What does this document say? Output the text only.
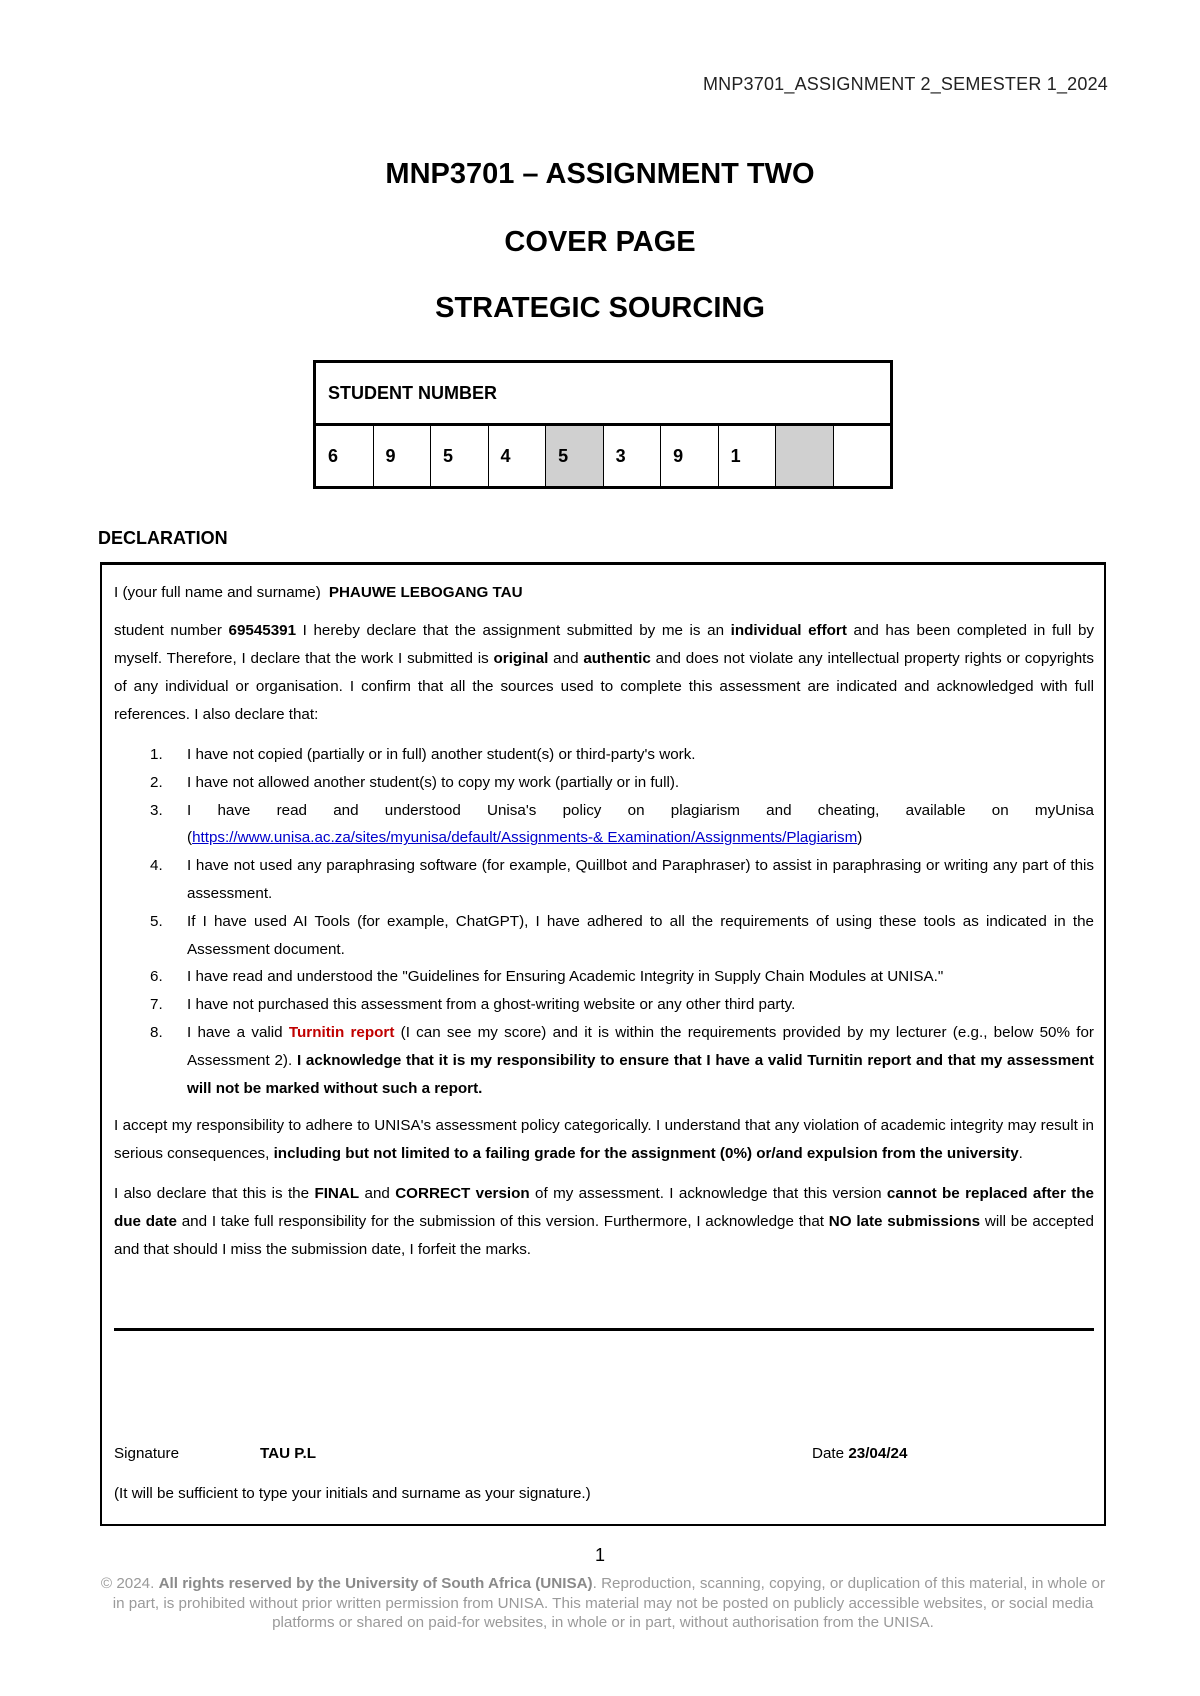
MNP3701_ASSIGNMENT 2_SEMESTER 1_2024
MNP3701 – ASSIGNMENT TWO
COVER PAGE
STRATEGIC SOURCING
STUDENT NUMBER
6	9	5	4	5	3	9	1		
DECLARATION

I (your full name and surname) PHAUWE LEBOGANG TAU

student number 69545391 I hereby declare that the assignment submitted by me is an individual effort and has been completed in full by myself. Therefore, I declare that the work I submitted is original and authentic and does not violate any intellectual property rights or copyrights of any individual or organisation. I confirm that all the sources used to complete this assessment are indicated and acknowledged with full references. I also declare that:

1.	I have not copied (partially or in full) another student(s) or third-party's work.
2.	I have not allowed another student(s) to copy my work (partially or in full).
3.	I have read and understood Unisa's policy on plagiarism and cheating, available on myUnisa (https://www.unisa.ac.za/sites/myunisa/default/Assignments-& Examination/Assignments/Plagiarism)
4.	I have not used any paraphrasing software (for example, Quillbot and Paraphraser) to assist in paraphrasing or writing any part of this assessment.
5.	If I have used AI Tools (for example, ChatGPT), I have adhered to all the requirements of using these tools as indicated in the Assessment document.
6.	I have read and understood the "Guidelines for Ensuring Academic Integrity in Supply Chain Modules at UNISA."
7.	I have not purchased this assessment from a ghost-writing website or any other third party.
8.	I have a valid Turnitin report (I can see my score) and it is within the requirements provided by my lecturer (e.g., below 50% for Assessment 2). I acknowledge that it is my responsibility to ensure that I have a valid Turnitin report and that my assessment will not be marked without such a report.

I accept my responsibility to adhere to UNISA's assessment policy categorically. I understand that any violation of academic integrity may result in serious consequences, including but not limited to a failing grade for the assignment (0%) or/and expulsion from the university.

I also declare that this is the FINAL and CORRECT version of my assessment. I acknowledge that this version cannot be replaced after the due date and I take full responsibility for the submission of this version. Furthermore, I acknowledge that NO late submissions will be accepted and that should I miss the submission date, I forfeit the marks.

Signature	TAU P.L	Date 23/04/24
(It will be sufficient to type your initials and surname as your signature.)
1
© 2024. All rights reserved by the University of South Africa (UNISA). Reproduction, scanning, copying, or duplication of this material, in whole or in part, is prohibited without prior written permission from UNISA. This material may not be posted on publicly accessible websites, or social media platforms or shared on paid-for websites, in whole or in part, without authorisation from the UNISA.
